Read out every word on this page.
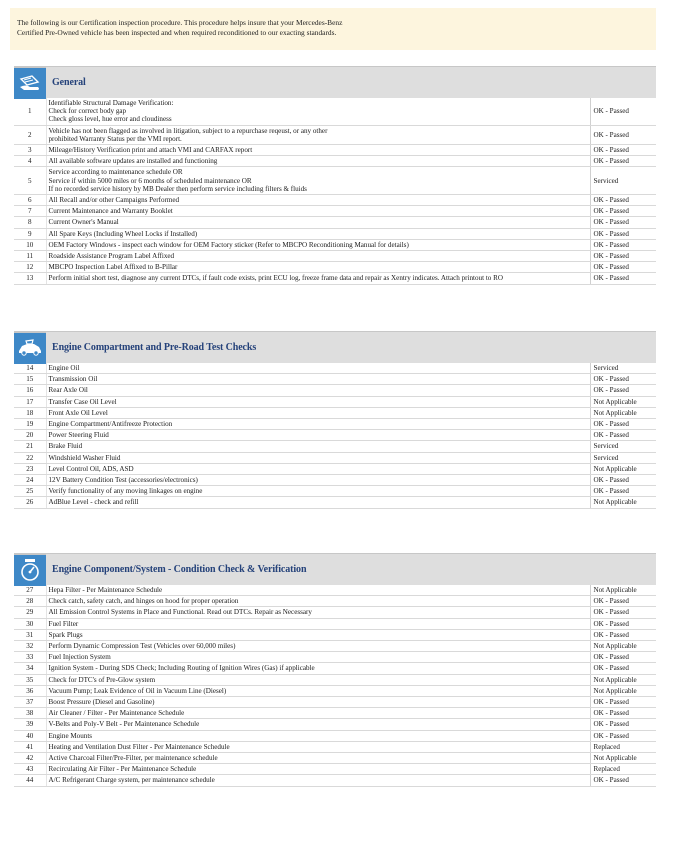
The following is our Certification inspection procedure. This procedure helps insure that your Mercedes-Benz
Certified Pre-Owned vehicle has been inspected and when required reconditioned to our exacting standards.
General
1	Identifiable Structural Damage Verification:
Check for correct body gap
Check gloss level, hue error and cloudiness	OK - Passed
2	Vehicle has not been flagged as involved in litigation, subject to a repurchase reqeust, or any other
prohibited Warranty Status per the VMI report.	OK - Passed
3	Mileage/History Verification print and attach VMI and CARFAX report	OK - Passed
4	All available software updates are installed and functioning	OK - Passed
5	Service according to maintenance schedule OR
Service if within 5000 miles or 6 months of scheduled maintenance OR
If no recorded service history by MB Dealer then perform service including filters & fluids	Serviced
6	All Recall and/or other Campaigns Performed	OK - Passed
7	Current Maintenance and Warranty Booklet	OK - Passed
8	Current Owner's Manual	OK - Passed
9	All Spare Keys (Including Wheel Locks if Installed)	OK - Passed
10	OEM Factory Windows - inspect each window for OEM Factory sticker (Refer to MBCPO Reconditioning Manual for details)	OK - Passed
11	Roadside Assistance Program Label Affixed	OK - Passed
12	MBCPO Inspection Label Affixed to B-Pillar	OK - Passed
13	Perform initial short test, diagnose any current DTCs, if fault code exists, print ECU log, freeze frame data and repair as Xentry indicates. Attach printout to RO	OK - Passed
Engine Compartment and Pre-Road Test Checks
14	Engine Oil	Serviced
15	Transmission Oil	OK - Passed
16	Rear Axle Oil	OK - Passed
17	Transfer Case Oil Level	Not Applicable
18	Front Axle Oil Level	Not Applicable
19	Engine Compartment/Antifreeze Protection	OK - Passed
20	Power Steering Fluid	OK - Passed
21	Brake Fluid	Serviced
22	Windshield Washer Fluid	Serviced
23	Level Control Oil, ADS, ASD	Not Applicable
24	12V Battery Condition Test (accessories/electronics)	OK - Passed
25	Verify functionality of any moving linkages on engine	OK - Passed
26	AdBlue Level - check and refill	Not Applicable
Engine Component/System - Condition Check & Verification
27	Hepa Filter - Per Maintenance Schedule	Not Applicable
28	Check catch, safety catch, and hinges on hood for proper operation	OK - Passed
29	All Emission Control Systems in Place and Functional. Read out DTCs. Repair as Necessary	OK - Passed
30	Fuel Filter	OK - Passed
31	Spark Plugs	OK - Passed
32	Perform Dynamic Compression Test (Vehicles over 60,000 miles)	Not Applicable
33	Fuel Injection System	OK - Passed
34	Ignition System - During SDS Check; Including Routing of Ignition Wires (Gas) if applicable	OK - Passed
35	Check for DTC's of Pre-Glow system	Not Applicable
36	Vacuum Pump; Leak Evidence of Oil in Vacuum Line (Diesel)	Not Applicable
37	Boost Pressure (Diesel and Gasoline)	OK - Passed
38	Air Cleaner / Filter - Per Maintenance Schedule	OK - Passed
39	V-Belts and Poly-V Belt - Per Maintenance Schedule	OK - Passed
40	Engine Mounts	OK - Passed
41	Heating and Ventilation Dust Filter - Per Maintenance Schedule	Replaced
42	Active Charcoal Filter/Pre-Filter, per maintenance schedule	Not Applicable
43	Recirculating Air Filter - Per Maintenance Schedule	Replaced
44	A/C Refrigerant Charge system, per maintenance schedule	OK - Passed
